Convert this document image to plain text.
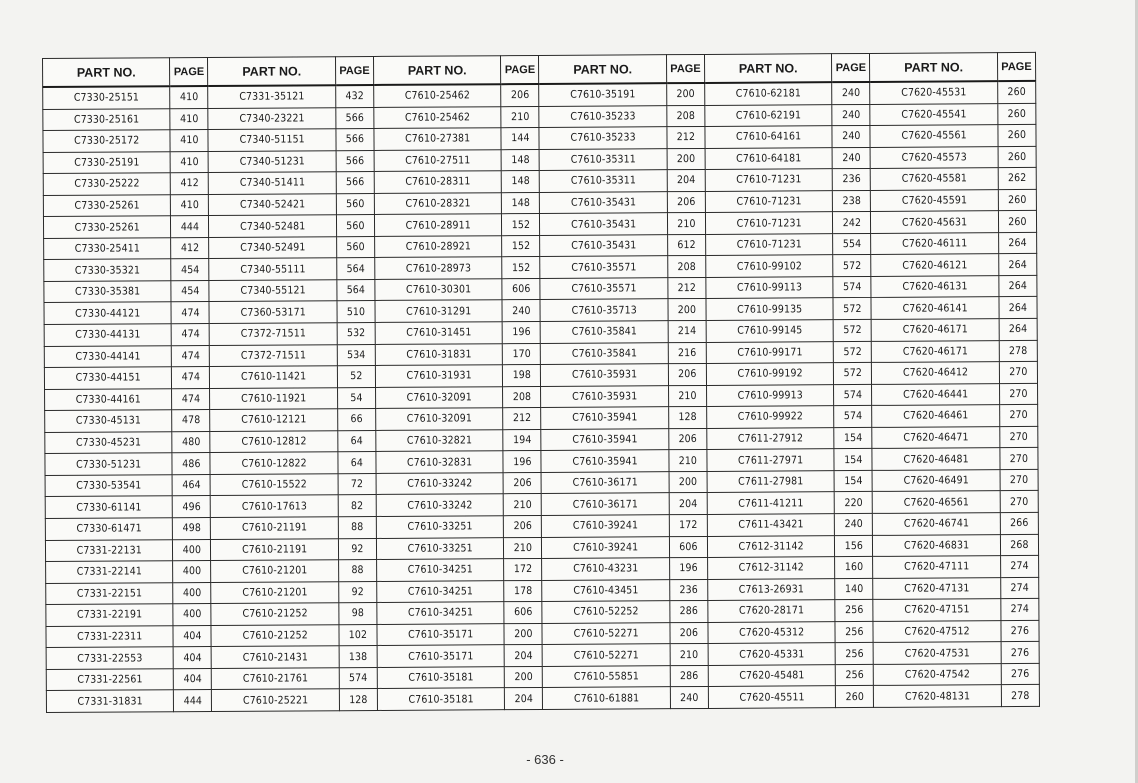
PART NO.	PAGE	PART NO.	PAGE	PART NO.	PAGE	PART NO.	PAGE	PART NO.	PAGE	PART NO.	PAGE
C7330-25151	410	C7331-35121	432	C7610-25462	206	C7610-35191	200	C7610-62181	240	C7620-45531	260
C7330-25161	410	C7340-23221	566	C7610-25462	210	C7610-35233	208	C7610-62191	240	C7620-45541	260
C7330-25172	410	C7340-51151	566	C7610-27381	144	C7610-35233	212	C7610-64161	240	C7620-45561	260
C7330-25191	410	C7340-51231	566	C7610-27511	148	C7610-35311	200	C7610-64181	240	C7620-45573	260
C7330-25222	412	C7340-51411	566	C7610-28311	148	C7610-35311	204	C7610-71231	236	C7620-45581	262
C7330-25261	410	C7340-52421	560	C7610-28321	148	C7610-35431	206	C7610-71231	238	C7620-45591	260
C7330-25261	444	C7340-52481	560	C7610-28911	152	C7610-35431	210	C7610-71231	242	C7620-45631	260
C7330-25411	412	C7340-52491	560	C7610-28921	152	C7610-35431	612	C7610-71231	554	C7620-46111	264
C7330-35321	454	C7340-55111	564	C7610-28973	152	C7610-35571	208	C7610-99102	572	C7620-46121	264
C7330-35381	454	C7340-55121	564	C7610-30301	606	C7610-35571	212	C7610-99113	574	C7620-46131	264
C7330-44121	474	C7360-53171	510	C7610-31291	240	C7610-35713	200	C7610-99135	572	C7620-46141	264
C7330-44131	474	C7372-71511	532	C7610-31451	196	C7610-35841	214	C7610-99145	572	C7620-46171	264
C7330-44141	474	C7372-71511	534	C7610-31831	170	C7610-35841	216	C7610-99171	572	C7620-46171	278
C7330-44151	474	C7610-11421	52	C7610-31931	198	C7610-35931	206	C7610-99192	572	C7620-46412	270
C7330-44161	474	C7610-11921	54	C7610-32091	208	C7610-35931	210	C7610-99913	574	C7620-46441	270
C7330-45131	478	C7610-12121	66	C7610-32091	212	C7610-35941	128	C7610-99922	574	C7620-46461	270
C7330-45231	480	C7610-12812	64	C7610-32821	194	C7610-35941	206	C7611-27912	154	C7620-46471	270
C7330-51231	486	C7610-12822	64	C7610-32831	196	C7610-35941	210	C7611-27971	154	C7620-46481	270
C7330-53541	464	C7610-15522	72	C7610-33242	206	C7610-36171	200	C7611-27981	154	C7620-46491	270
C7330-61141	496	C7610-17613	82	C7610-33242	210	C7610-36171	204	C7611-41211	220	C7620-46561	270
C7330-61471	498	C7610-21191	88	C7610-33251	206	C7610-39241	172	C7611-43421	240	C7620-46741	266
C7331-22131	400	C7610-21191	92	C7610-33251	210	C7610-39241	606	C7612-31142	156	C7620-46831	268
C7331-22141	400	C7610-21201	88	C7610-34251	172	C7610-43231	196	C7612-31142	160	C7620-47111	274
C7331-22151	400	C7610-21201	92	C7610-34251	178	C7610-43451	236	C7613-26931	140	C7620-47131	274
C7331-22191	400	C7610-21252	98	C7610-34251	606	C7610-52252	286	C7620-28171	256	C7620-47151	274
C7331-22311	404	C7610-21252	102	C7610-35171	200	C7610-52271	206	C7620-45312	256	C7620-47512	276
C7331-22553	404	C7610-21431	138	C7610-35171	204	C7610-52271	210	C7620-45331	256	C7620-47531	276
C7331-22561	404	C7610-21761	574	C7610-35181	200	C7610-55851	286	C7620-45481	256	C7620-47542	276
C7331-31831	444	C7610-25221	128	C7610-35181	204	C7610-61881	240	C7620-45511	260	C7620-48131	278
- 636 -
